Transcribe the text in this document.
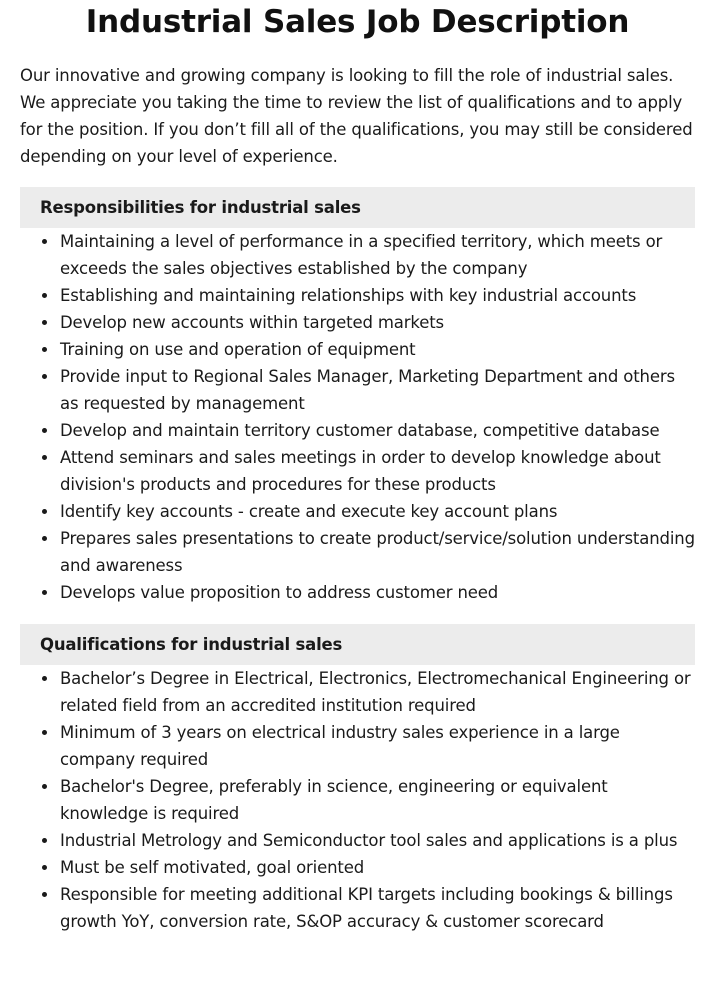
Industrial Sales Job Description

Our innovative and growing company is looking to fill the role of industrial sales. We appreciate you taking the time to review the list of qualifications and to apply for the position. If you don’t fill all of the qualifications, you may still be considered depending on your level of experience.

Responsibilities for industrial sales
Maintaining a level of performance in a specified territory, which meets or exceeds the sales objectives established by the company
Establishing and maintaining relationships with key industrial accounts
Develop new accounts within targeted markets
Training on use and operation of equipment
Provide input to Regional Sales Manager, Marketing Department and others as requested by management
Develop and maintain territory customer database, competitive database
Attend seminars and sales meetings in order to develop knowledge about division's products and procedures for these products
Identify key accounts - create and execute key account plans
Prepares sales presentations to create product/service/solution understanding and awareness
Develops value proposition to address customer need
Qualifications for industrial sales
Bachelor’s Degree in Electrical, Electronics, Electromechanical Engineering or related field from an accredited institution required
Minimum of 3 years on electrical industry sales experience in a large company required
Bachelor's Degree, preferably in science, engineering or equivalent knowledge is required
Industrial Metrology and Semiconductor tool sales and applications is a plus
Must be self motivated, goal oriented
Responsible for meeting additional KPI targets including bookings & billings growth YoY, conversion rate, S&OP accuracy & customer scorecard
